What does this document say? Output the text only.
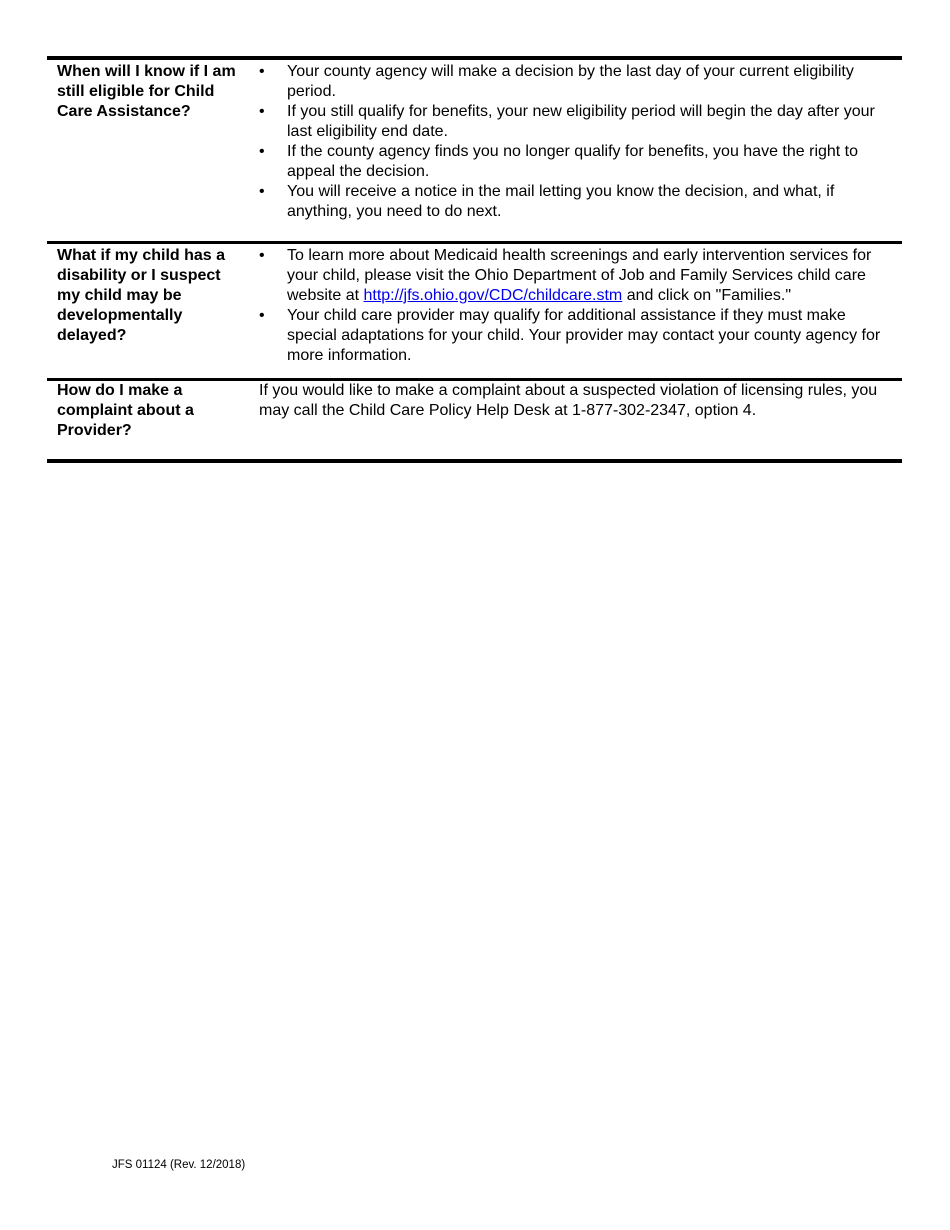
When will I know if I am still eligible for Child Care Assistance?
• Your county agency will make a decision by the last day of your current eligibility period.
• If you still qualify for benefits, your new eligibility period will begin the day after your last eligibility end date.
• If the county agency finds you no longer qualify for benefits, you have the right to appeal the decision.
• You will receive a notice in the mail letting you know the decision, and what, if anything, you need to do next.
What if my child has a disability or I suspect my child may be developmentally delayed?
• To learn more about Medicaid health screenings and early intervention services for your child, please visit the Ohio Department of Job and Family Services child care website at http://jfs.ohio.gov/CDC/childcare.stm and click on "Families."
• Your child care provider may qualify for additional assistance if they must make special adaptations for your child. Your provider may contact your county agency for more information.
How do I make a complaint about a Provider?

If you would like to make a complaint about a suspected violation of licensing rules, you may call the Child Care Policy Help Desk at 1-877-302-2347, option 4.

JFS 01124 (Rev. 12/2018)
